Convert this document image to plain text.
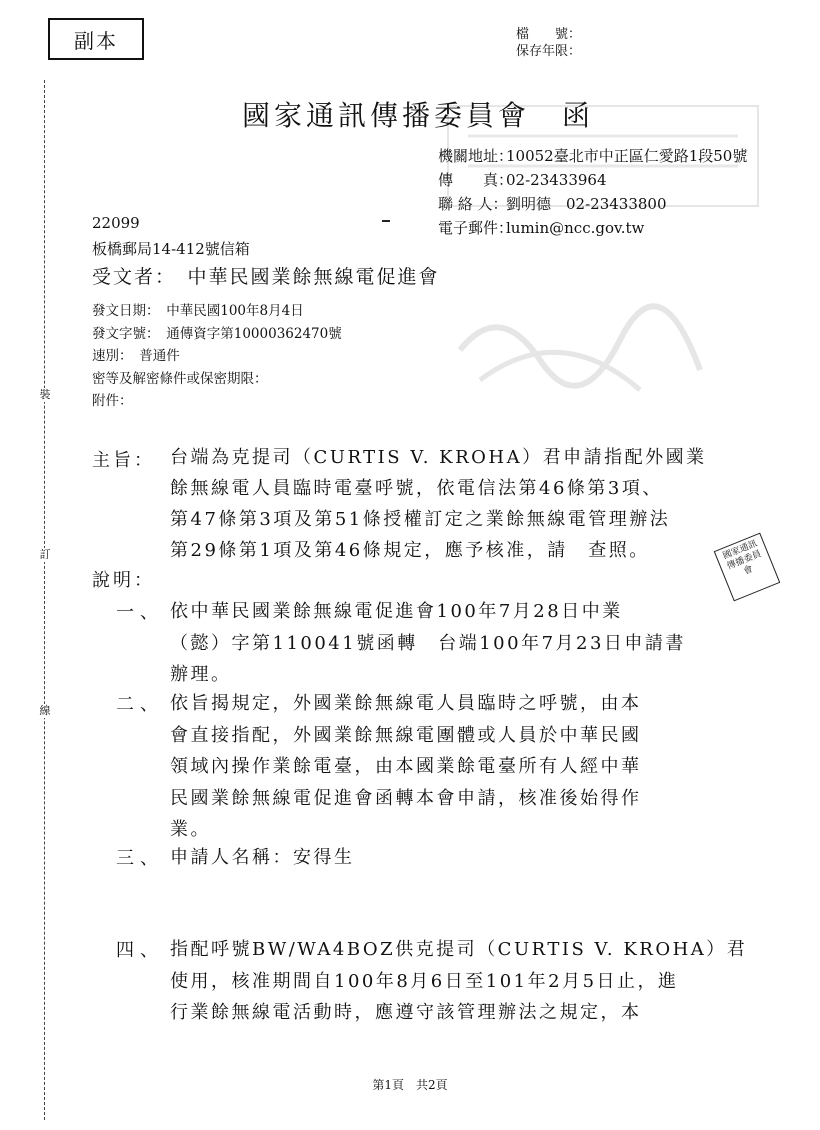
裝
訂
線
副本	檔　　號：
保存年限：
國家通訊傳播委員會　函
機關地址：
10052臺北市中正區仁愛路1段50號
傳　　真：
02-23433964
聯 絡 人：
劉明德　02-23433800
電子郵件：
lumin@ncc.gov.tw
22099
板橋郵局14-412號信箱
受文者：　中華民國業餘無線電促進會
發文日期：　中華民國100年8月4日
發文字號：　通傳資字第10000362470號
速別：　普通件
密等及解密條件或保密期限：
附件：
主旨： 台端為克提司（CURTIS V. KROHA）君申請指配外國業
餘無線電人員臨時電臺呼號，依電信法第46條第3項、
第47條第3項及第51條授權訂定之業餘無線電管理辦法
第29條第1項及第46條規定，應予核准，請　查照。	國家通訊傳播委員會
說明：
一、 依中華民國業餘無線電促進會100年7月28日中業
（懿）字第110041號函轉　台端100年7月23日申請書
辦理。
二、 依旨揭規定，外國業餘無線電人員臨時之呼號，由本
會直接指配，外國業餘無線電團體或人員於中華民國
領域內操作業餘電臺，由本國業餘電臺所有人經中華
民國業餘無線電促進會函轉本會申請，核准後始得作
業。
三、 申請人名稱：安得生
四、 指配呼號BW/WA4BOZ供克提司（CURTIS V. KROHA）君
使用，核准期間自100年8月6日至101年2月5日止，進
行業餘無線電活動時，應遵守該管理辦法之規定，本
第1頁　共2頁
